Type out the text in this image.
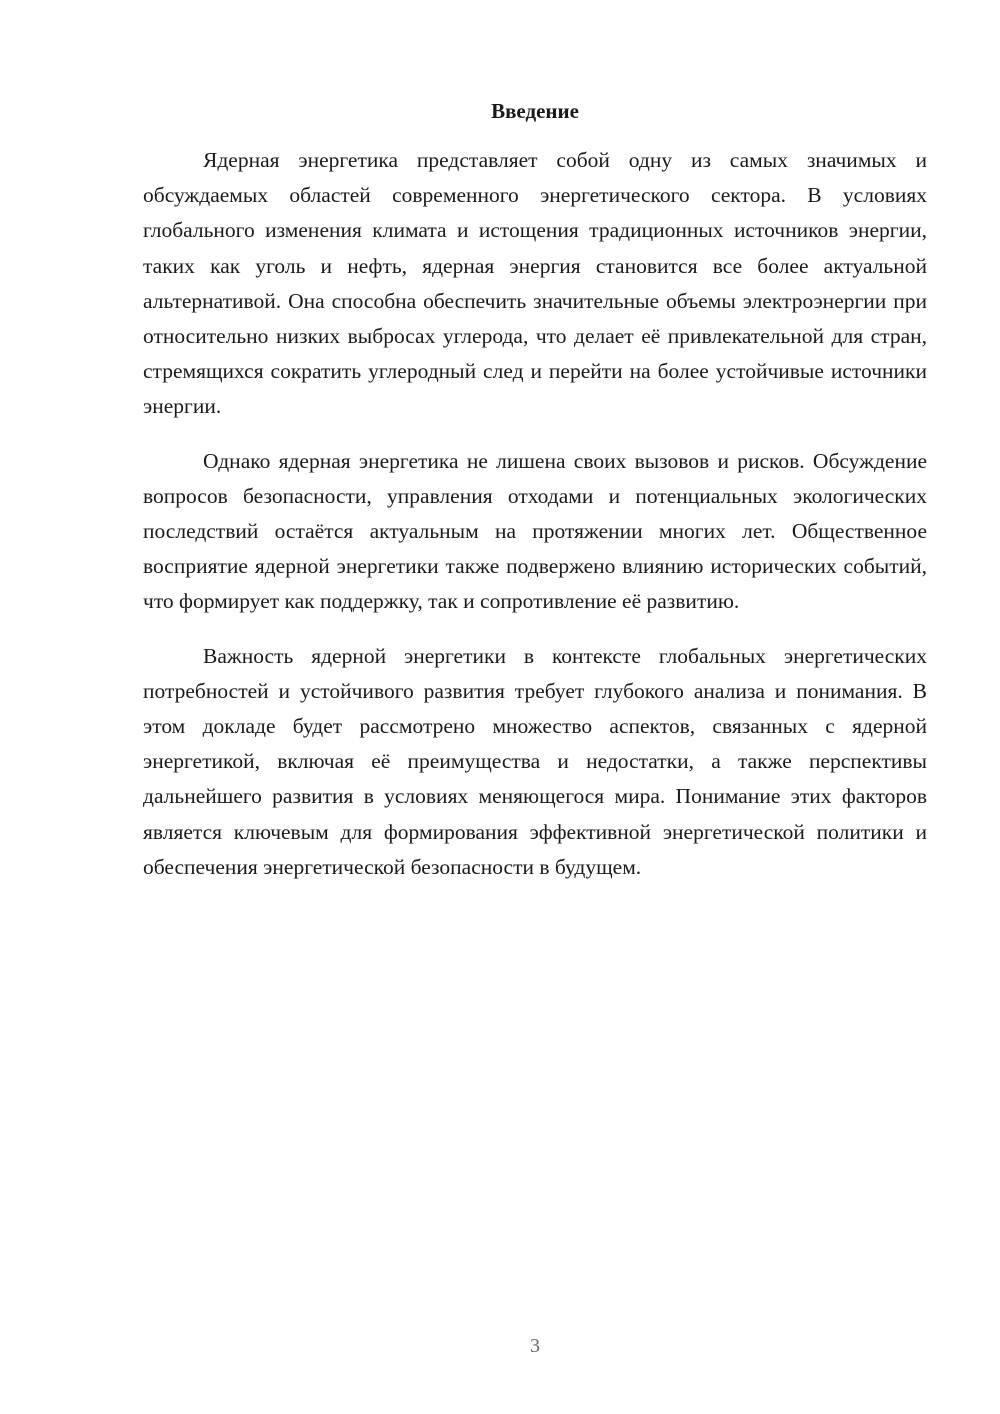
Введение

Ядерная энергетика представляет собой одну из самых значимых и обсуждаемых областей современного энергетического сектора. В условиях глобального изменения климата и истощения традиционных источников энергии, таких как уголь и нефть, ядерная энергия становится все более актуальной альтернативой. Она способна обеспечить значительные объемы электроэнергии при относительно низких выбросах углерода, что делает её привлекательной для стран, стремящихся сократить углеродный след и перейти на более устойчивые источники энергии.

Однако ядерная энергетика не лишена своих вызовов и рисков. Обсуждение вопросов безопасности, управления отходами и потенциальных экологических последствий остаётся актуальным на протяжении многих лет. Общественное восприятие ядерной энергетики также подвержено влиянию исторических событий, что формирует как поддержку, так и сопротивление её развитию.

Важность ядерной энергетики в контексте глобальных энергетических потребностей и устойчивого развития требует глубокого анализа и понимания. В этом докладе будет рассмотрено множество аспектов, связанных с ядерной энергетикой, включая её преимущества и недостатки, а также перспективы дальнейшего развития в условиях меняющегося мира. Понимание этих факторов является ключевым для формирования эффективной энергетической политики и обеспечения энергетической безопасности в будущем.

3
